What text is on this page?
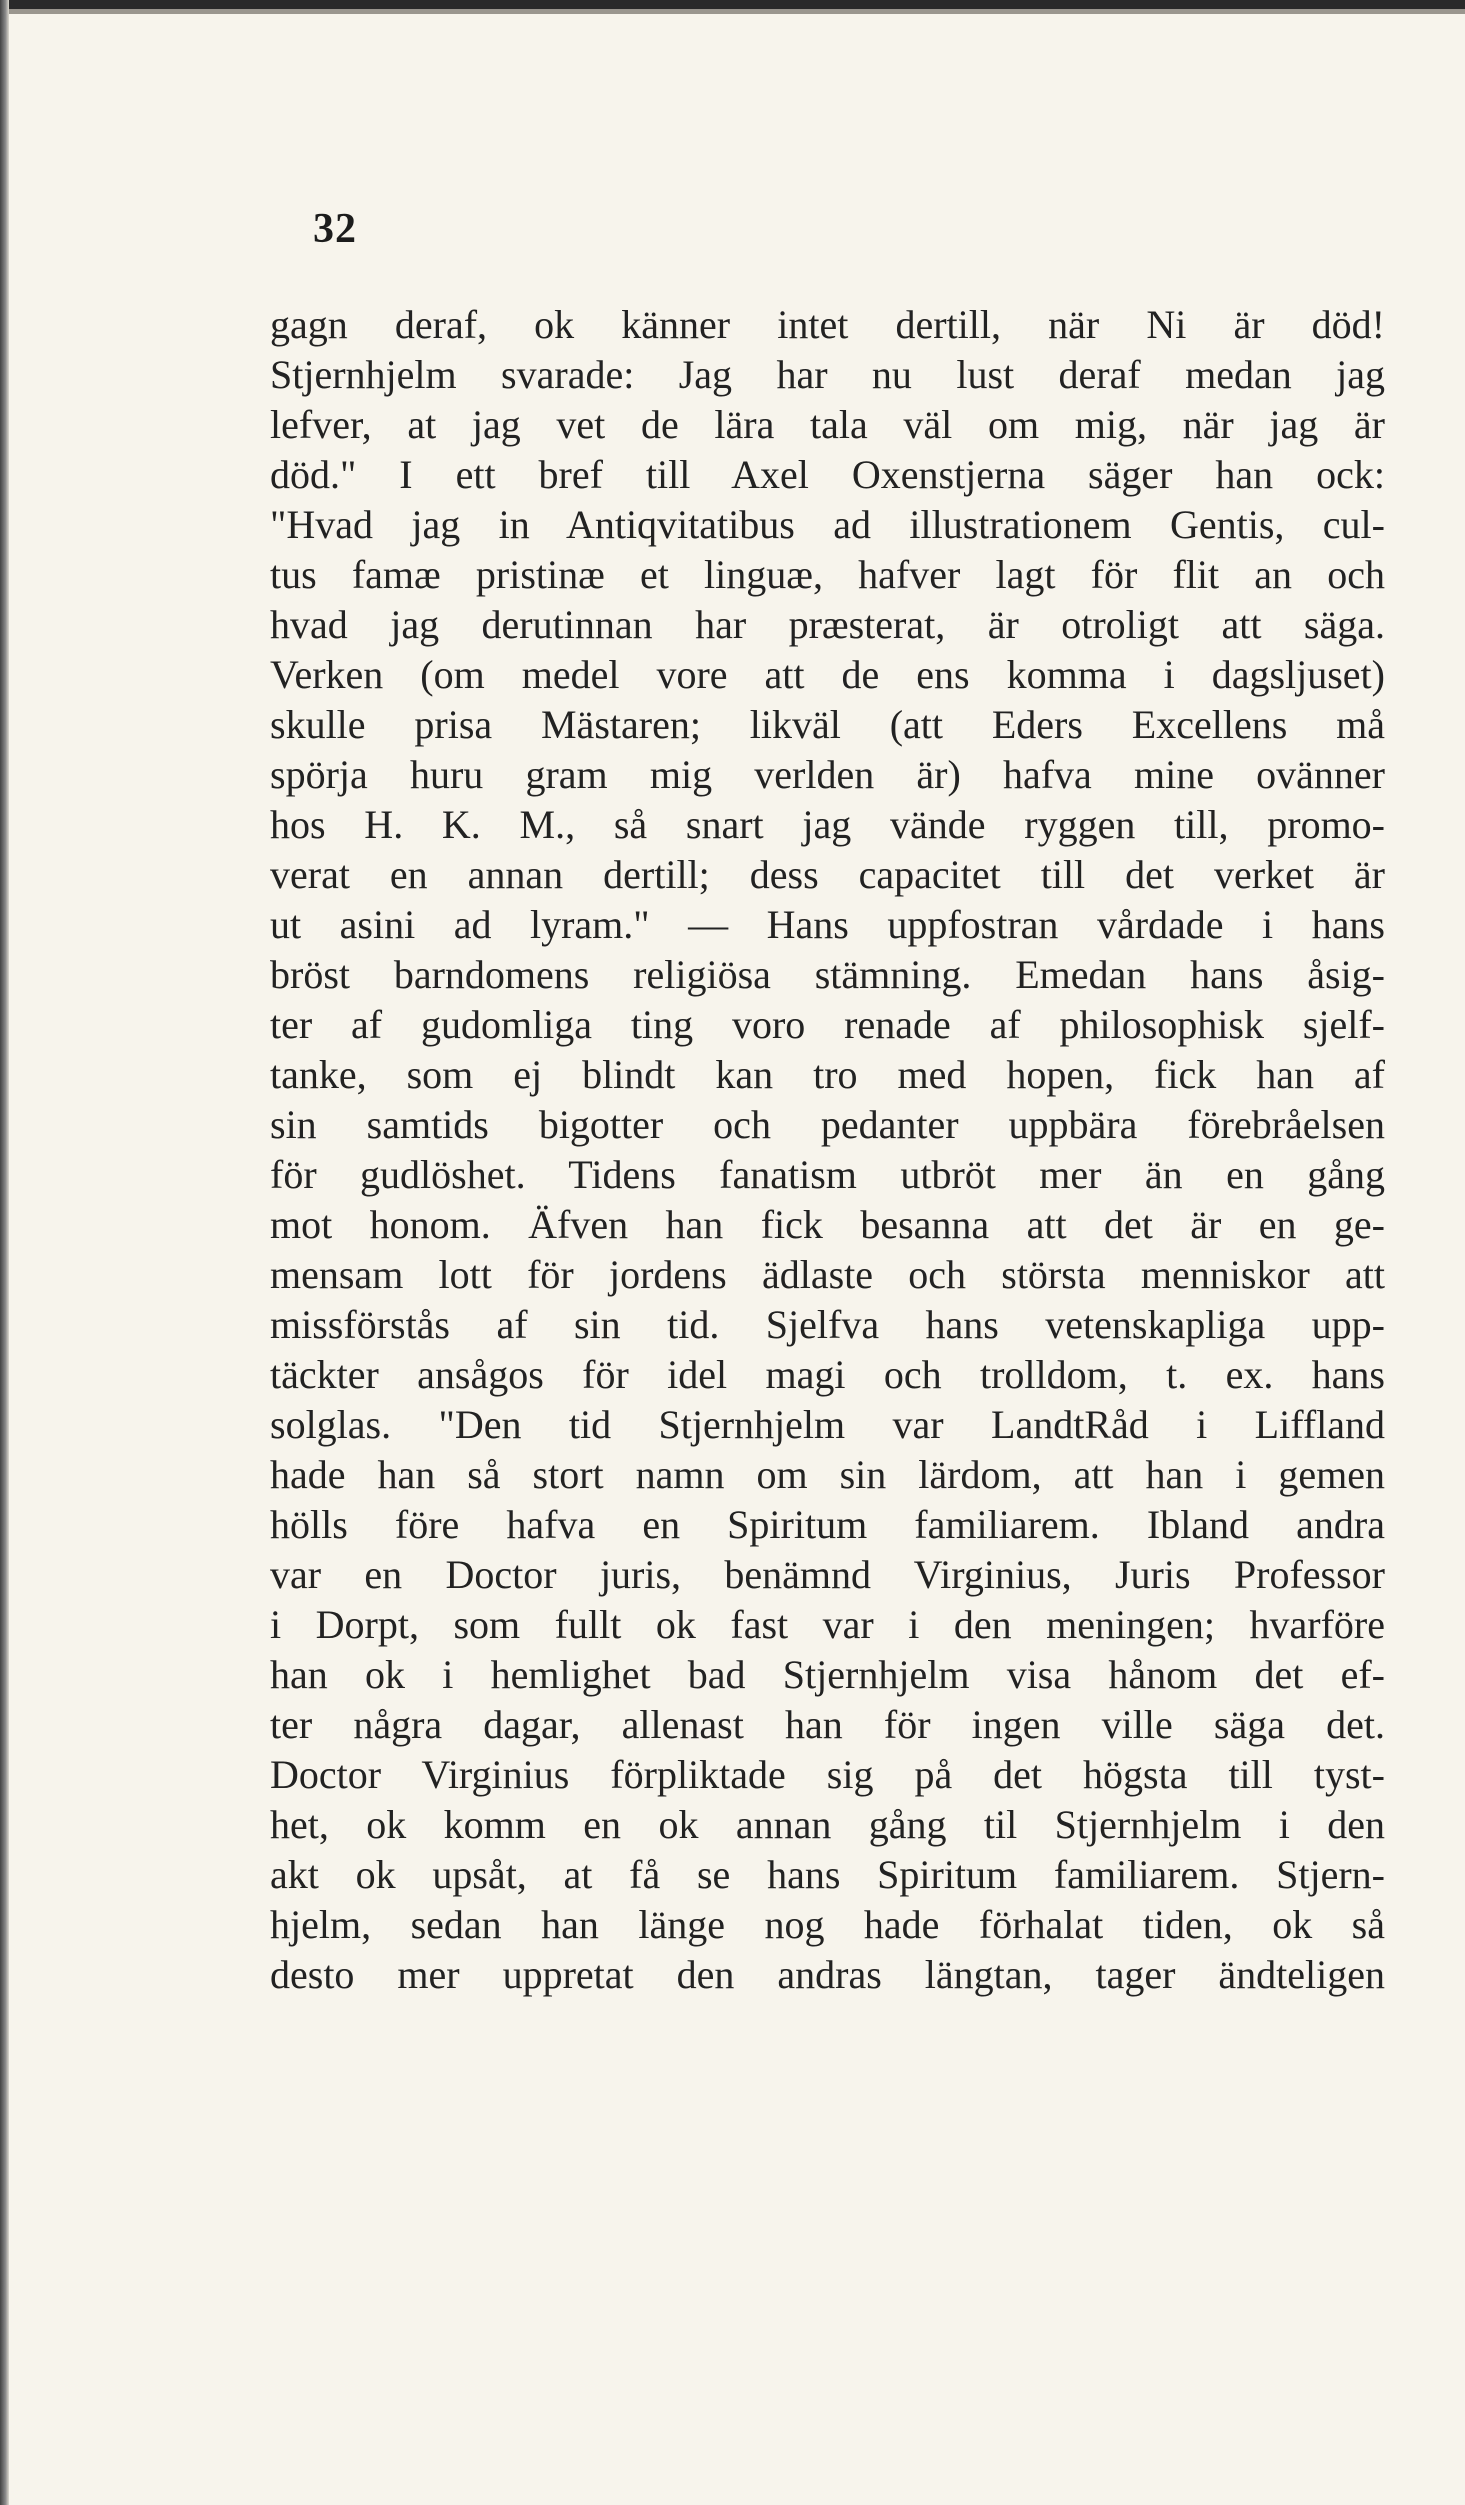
32
gagn deraf, ok känner intet dertill, när Ni är död!
Stjernhjelm svarade: Jag har nu lust deraf medan jag
lefver, at jag vet de lära tala väl om mig, när jag är
död." I ett bref till Axel Oxenstjerna säger han ock:
"Hvad jag in Antiqvitatibus ad illustrationem Gentis, cul-
tus famæ pristinæ et linguæ, hafver lagt för flit an och
hvad jag derutinnan har præsterat, är otroligt att säga.
Verken (om medel vore att de ens komma i dagsljuset)
skulle prisa Mästaren; likväl (att Eders Excellens må
spörja huru gram mig verlden är) hafva mine ovänner
hos H. K. M., så snart jag vände ryggen till, promo-
verat en annan dertill; dess capacitet till det verket är
ut asini ad lyram." — Hans uppfostran vårdade i hans
bröst barndomens religiösa stämning. Emedan hans åsig-
ter af gudomliga ting voro renade af philosophisk sjelf-
tanke, som ej blindt kan tro med hopen, fick han af
sin samtids bigotter och pedanter uppbära förebråelsen
för gudlöshet. Tidens fanatism utbröt mer än en gång
mot honom. Äfven han fick besanna att det är en ge-
mensam lott för jordens ädlaste och största menniskor att
missförstås af sin tid. Sjelfva hans vetenskapliga upp-
täckter ansågos för idel magi och trolldom, t. ex. hans
solglas. "Den tid Stjernhjelm var LandtRåd i Liffland
hade han så stort namn om sin lärdom, att han i gemen
hölls före hafva en Spiritum familiarem. Ibland andra
var en Doctor juris, benämnd Virginius, Juris Professor
i Dorpt, som fullt ok fast var i den meningen; hvarföre
han ok i hemlighet bad Stjernhjelm visa hånom det ef-
ter några dagar, allenast han för ingen ville säga det.
Doctor Virginius förpliktade sig på det högsta till tyst-
het, ok komm en ok annan gång til Stjernhjelm i den
akt ok upsåt, at få se hans Spiritum familiarem. Stjern-
hjelm, sedan han länge nog hade förhalat tiden, ok så
desto mer uppretat den andras längtan, tager ändteligen
